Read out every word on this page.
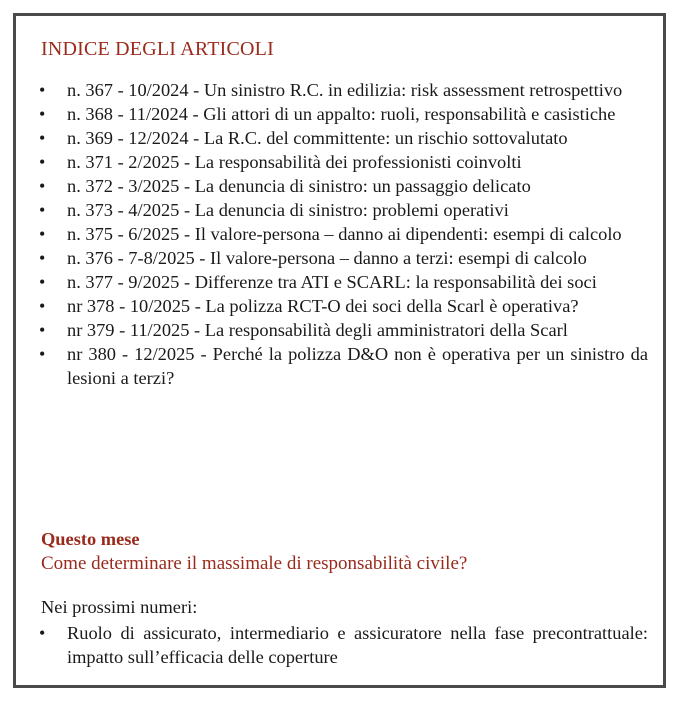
INDICE DEGLI ARTICOLI
• n. 367 - 10/2024 - Un sinistro R.C. in edilizia: risk assessment retrospettivo
• n. 368 - 11/2024 - Gli attori di un appalto: ruoli, responsabilità e casistiche
• n. 369 - 12/2024 - La R.C. del committente: un rischio sottovalutato
• n. 371 - 2/2025 - La responsabilità dei professionisti coinvolti
• n. 372 - 3/2025 - La denuncia di sinistro: un passaggio delicato
• n. 373 - 4/2025 - La denuncia di sinistro: problemi operativi
• n. 375 - 6/2025 - Il valore-persona – danno ai dipendenti: esempi di calcolo
• n. 376 - 7-8/2025 - Il valore-persona – danno a terzi: esempi di calcolo
• n. 377 - 9/2025 - Differenze tra ATI e SCARL: la responsabilità dei soci
• nr 378 - 10/2025 - La polizza RCT-O dei soci della Scarl è operativa?
• nr 379 - 11/2025 - La responsabilità degli amministratori della Scarl
• nr 380 - 12/2025 - Perché la polizza D&O non è operativa per un sinistro da lesioni a terzi?
Questo mese
Come determinare il massimale di responsabilità civile?
Nei prossimi numeri:
• Ruolo di assicurato, intermediario e assicuratore nella fase precontrattuale: impatto sull’efficacia delle coperture
